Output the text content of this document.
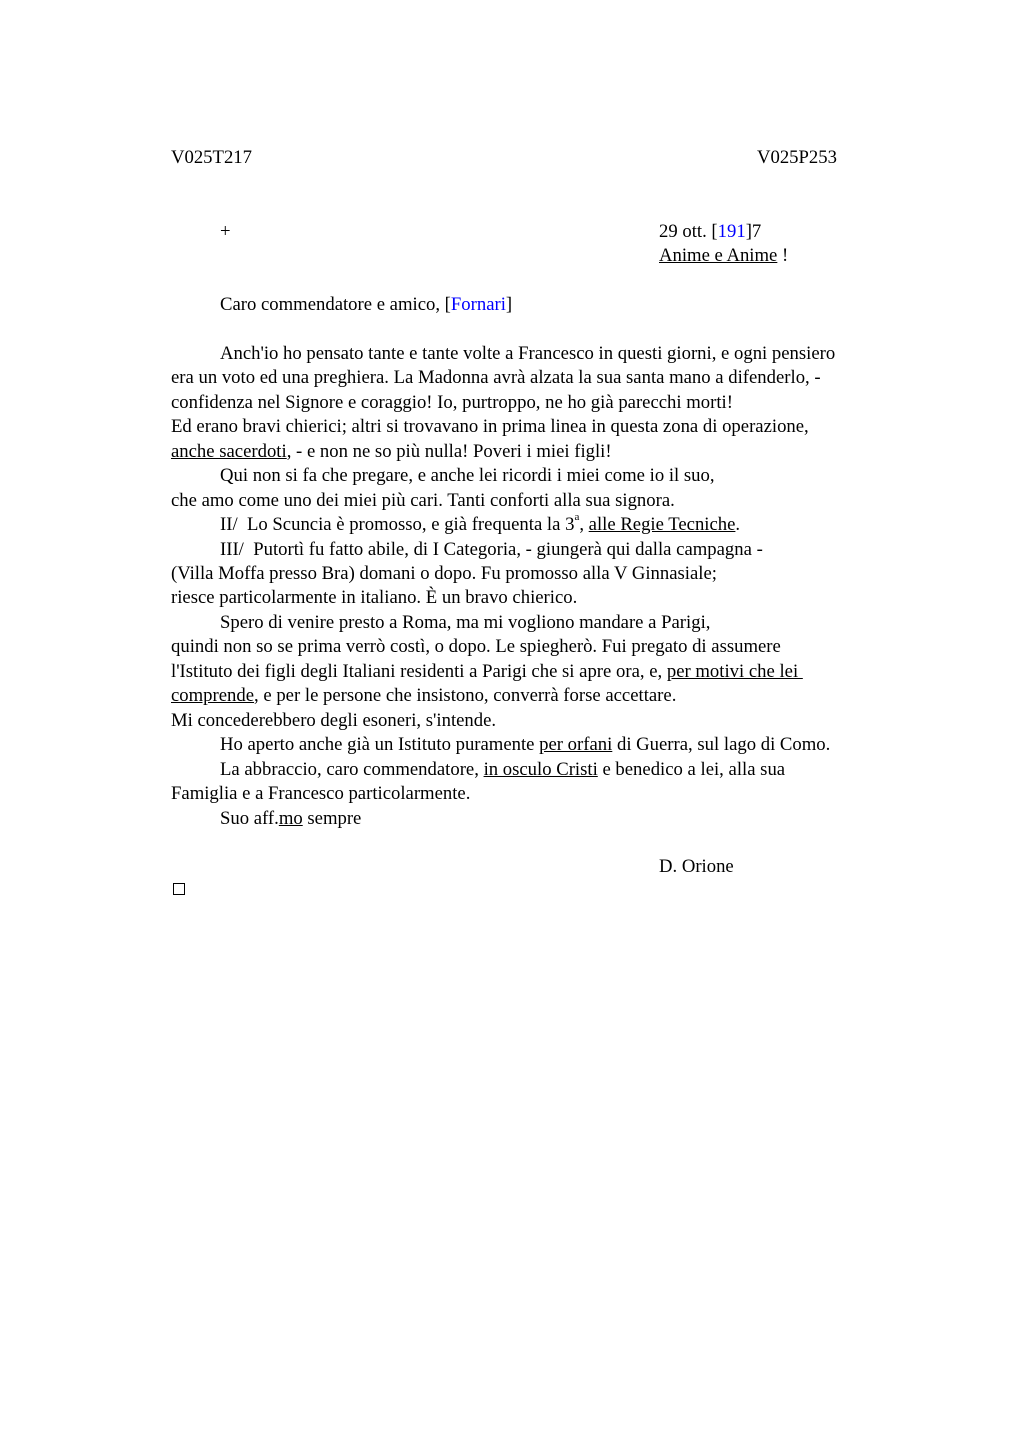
V025T217	V025P253
+	29 ott. [191]7
Anime e Anime !
Caro commendatore e amico, [Fornari]
Anch'io ho pensato tante e tante volte a Francesco in questi giorni, e ogni pensiero
era un voto ed una preghiera. La Madonna avrà alzata la sua santa mano a difenderlo, -
confidenza nel Signore e coraggio! Io, purtroppo, ne ho già parecchi morti!
Ed erano bravi chierici; altri si trovavano in prima linea in questa zona di operazione,
anche sacerdoti, - e non ne so più nulla! Poveri i miei figli!
Qui non si fa che pregare, e anche lei ricordi i miei come io il suo,
che amo come uno dei miei più cari. Tanti conforti alla sua signora.
II/  Lo Scuncia è promosso, e già frequenta la 3$^a$, alle Regie Tecniche.
III/  Putortì fu fatto abile, di I Categoria, - giungerà qui dalla campagna -
(Villa Moffa presso Bra) domani o dopo. Fu promosso alla V Ginnasiale;
riesce particolarmente in italiano. È un bravo chierico.
Spero di venire presto a Roma, ma mi vogliono mandare a Parigi,
quindi non so se prima verrò costì, o dopo. Le spiegherò. Fui pregato di assumere
l'Istituto dei figli degli Italiani residenti a Parigi che si apre ora, e, per motivi che lei
comprende, e per le persone che insistono, converrà forse accettare.
Mi concederebbero degli esoneri, s'intende.
Ho aperto anche già un Istituto puramente per orfani di Guerra, sul lago di Como.
La abbraccio, caro commendatore, in osculo Cristi e benedico a lei, alla sua
Famiglia e a Francesco particolarmente.
Suo aff.mo sempre
D. Orione
